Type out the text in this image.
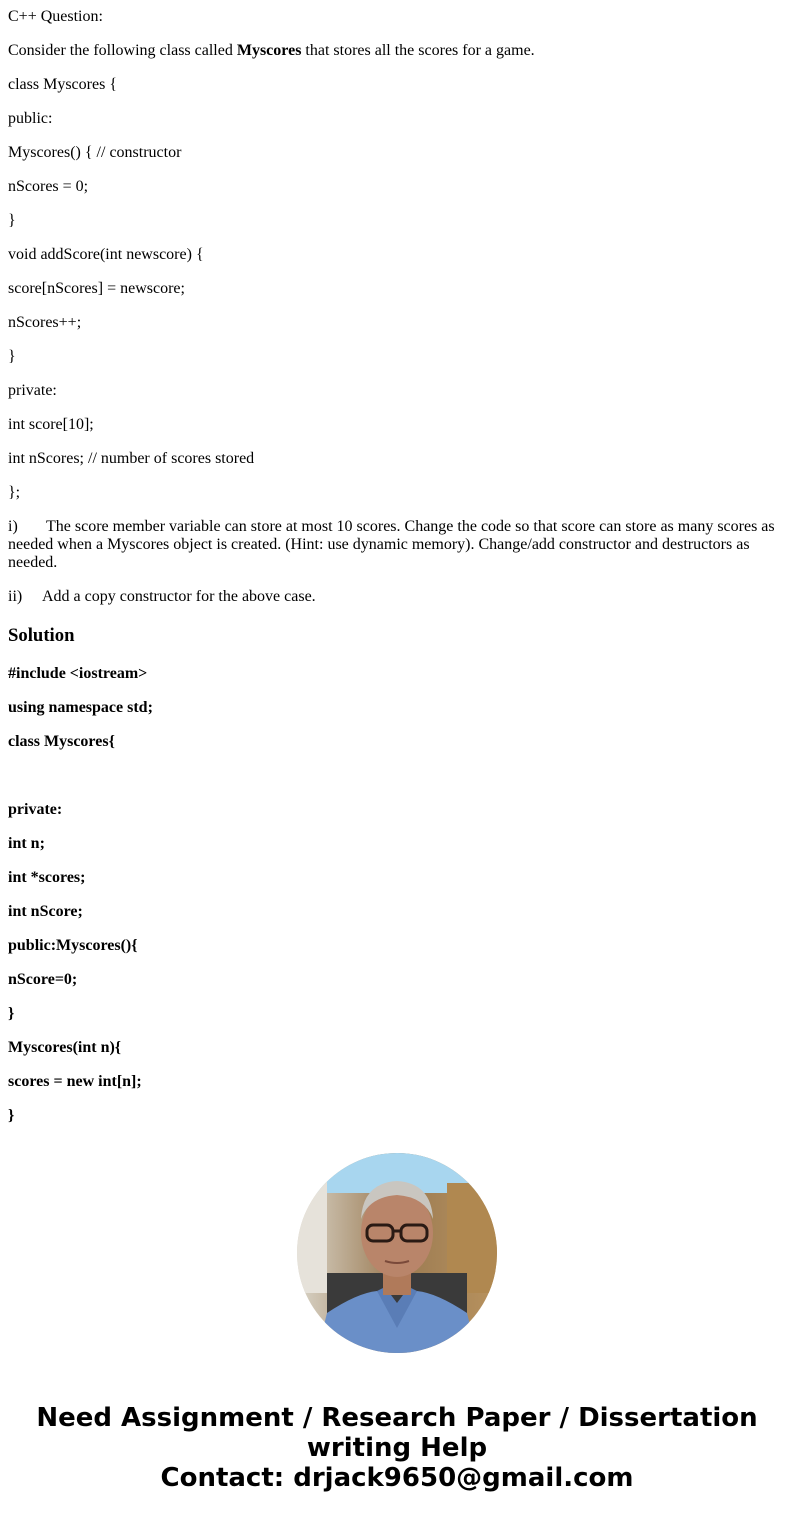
C++ Question:

Consider the following class called Myscores that stores all the scores for a game.

class Myscores {

public:

Myscores() { // constructor

nScores = 0;

}

void addScore(int newscore) {

score[nScores] = newscore;

nScores++;

}

private:

int score[10];

int nScores; // number of scores stored

};

i) The score member variable can store at most 10 scores. Change the code so that score can store as many scores as needed when a Myscores object is created. (Hint: use dynamic memory). Change/add constructor and destructors as needed.

ii) Add a copy constructor for the above case.

Solution

#include <iostream>

using namespace std;

class Myscores{

private:

int n;

int *scores;

int nScore;

public:Myscores(){

nScore=0;

}

Myscores(int n){

scores = new int[n];

}

Need Assignment / Research Paper / Dissertation
writing Help
Contact: drjack9650@gmail.com
